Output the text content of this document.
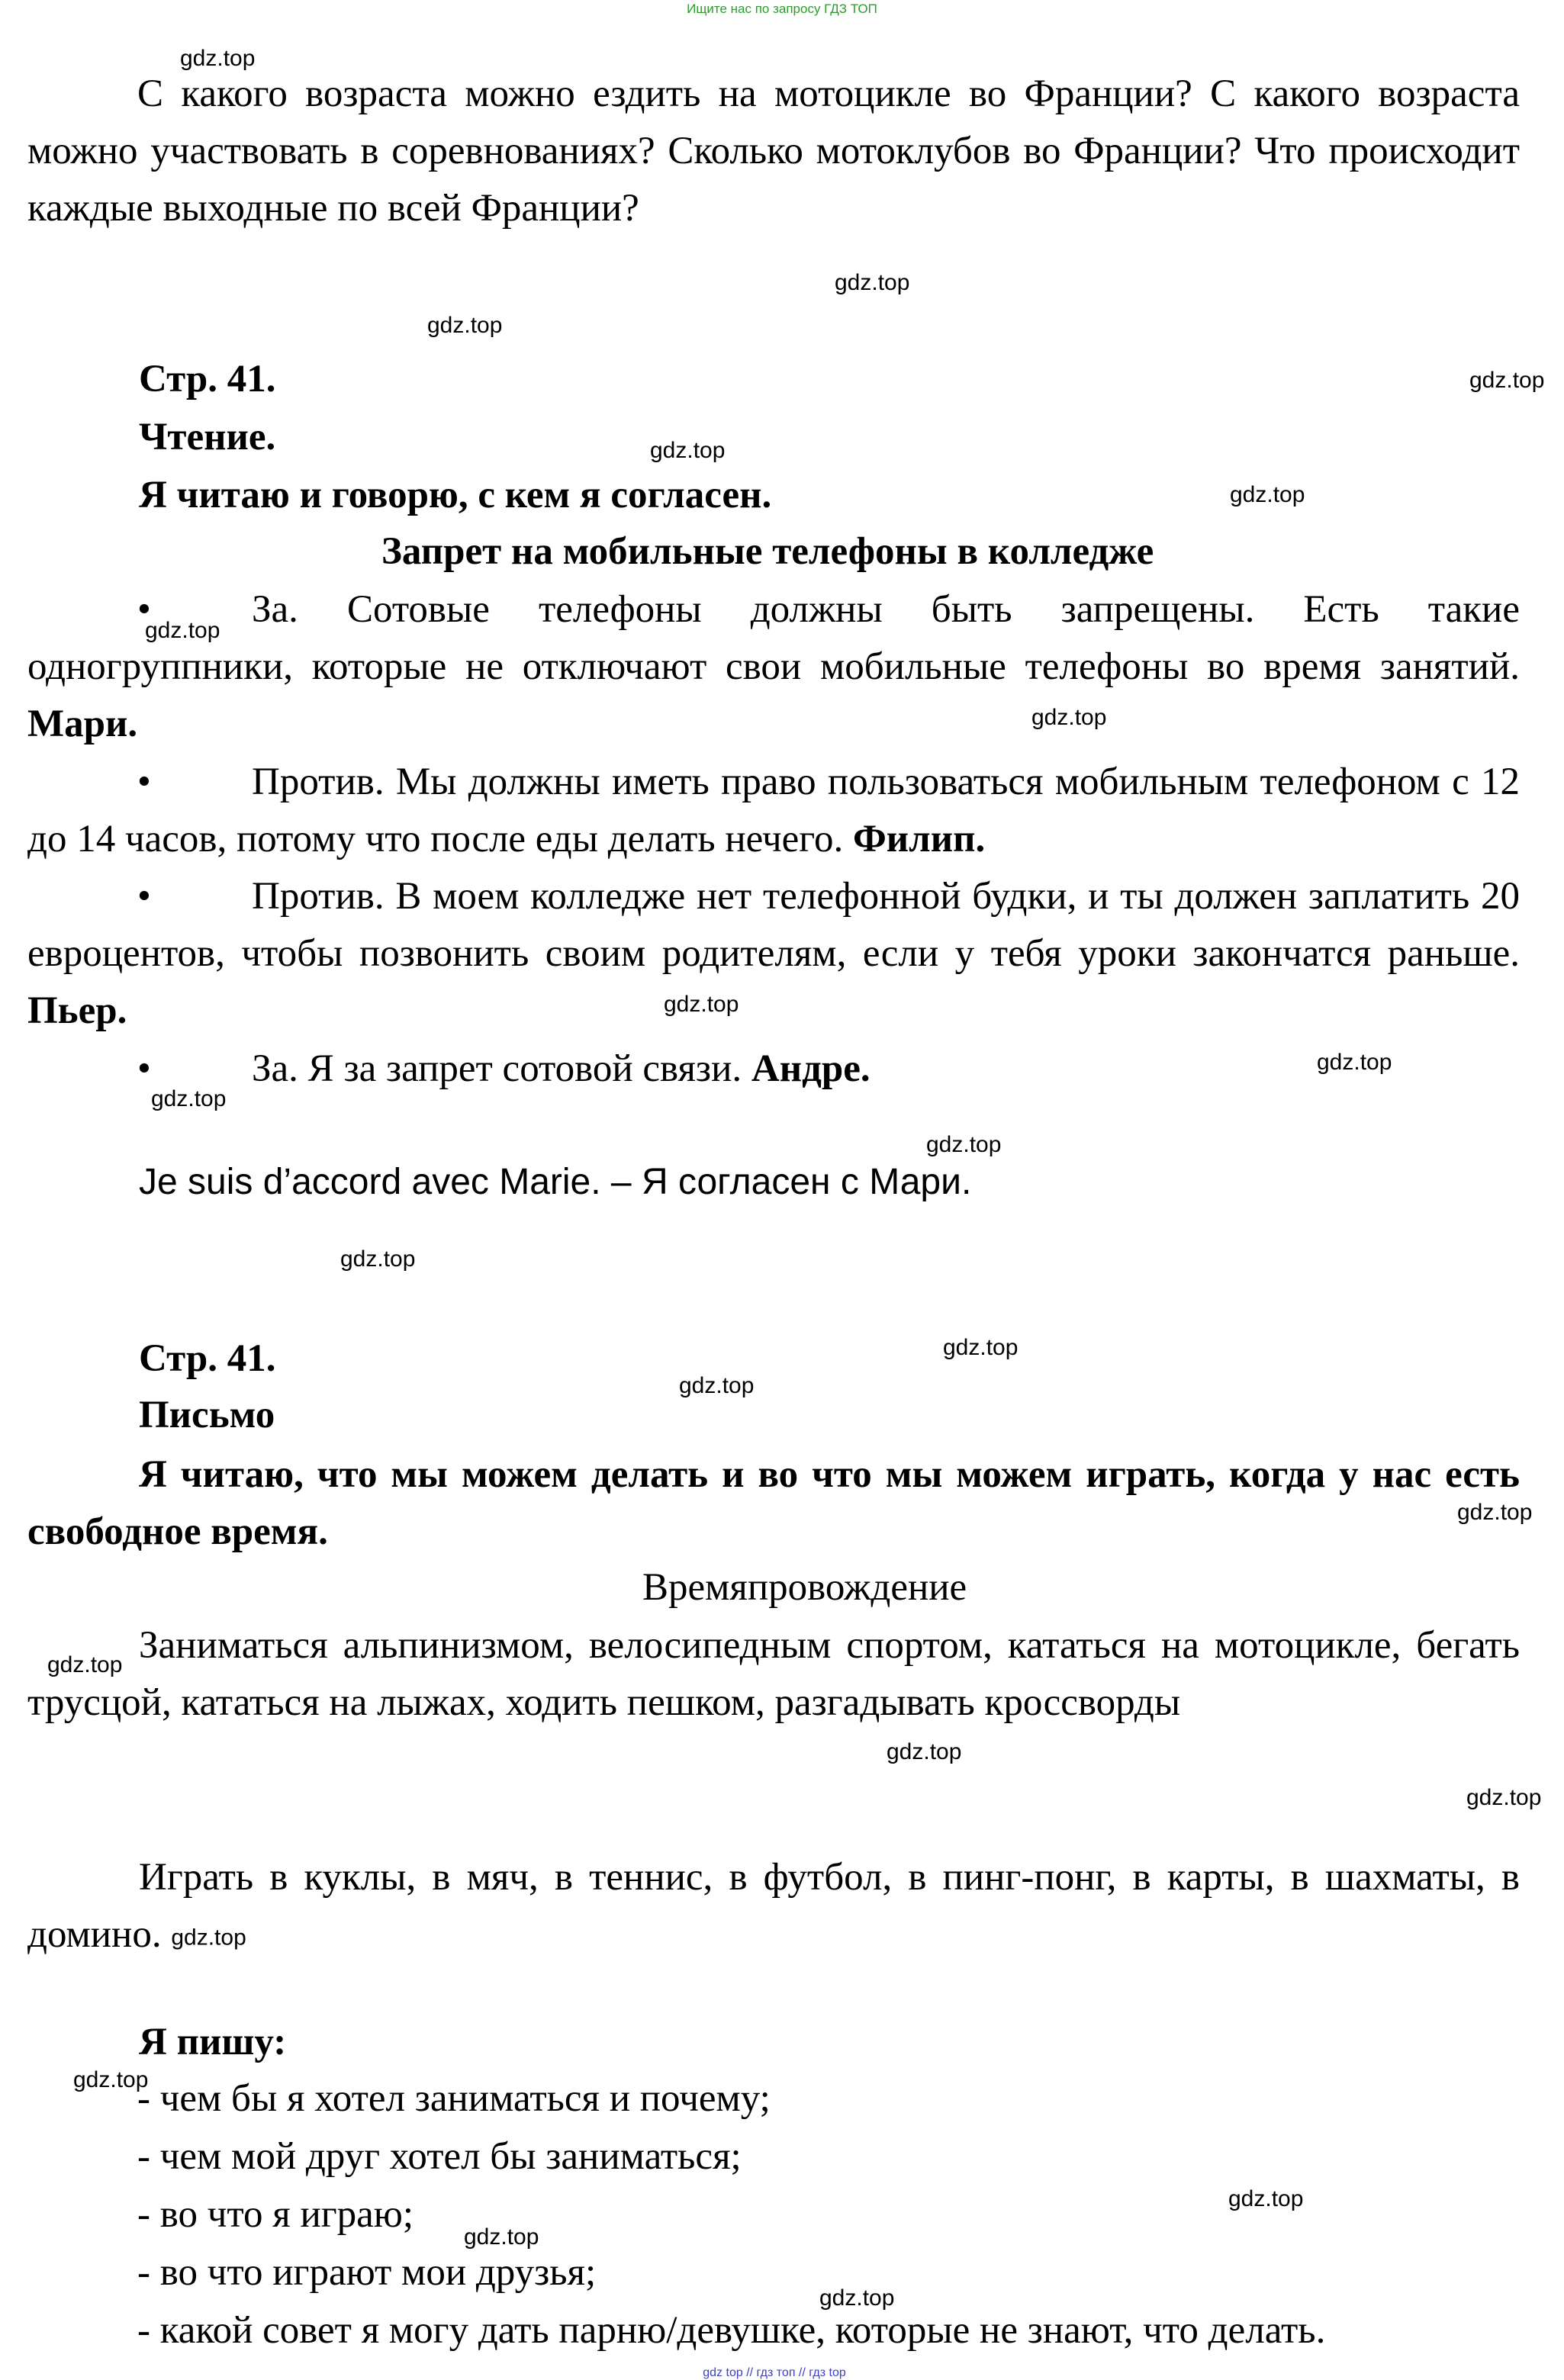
Ищите нас по запросу ГДЗ ТОП
С какого возраста можно ездить на мотоцикле во Франции? С какого возраста можно участвовать в соревнованиях? Сколько мотоклубов во Франции? Что происходит каждые выходные по всей Франции?
Стр. 41.
Чтение.
Я читаю и говорю, с кем я согласен.
Запрет на мобильные телефоны в колледже
•	За. Сотовые телефоны должны быть запрещены. Есть такие одногруппники, которые не отключают свои мобильные телефоны во время занятий. Мари.
•	Против. Мы должны иметь право пользоваться мобильным телефоном с 12 до 14 часов, потому что после еды делать нечего. Филип.
•	Против. В моем колледже нет телефонной будки, и ты должен заплатить 20 евроцентов, чтобы позвонить своим родителям, если у тебя уроки закончатся раньше. Пьер.
•	За. Я за запрет сотовой связи. Андре.
Je suis d’accord avec Marie. – Я согласен с Мари.
Стр. 41.
Письмо
Я читаю, что мы можем делать и во что мы можем играть, когда у нас есть свободное время.
Времяпровождение
Заниматься альпинизмом, велосипедным спортом, кататься на мотоцикле, бегать трусцой, кататься на лыжах, ходить пешком, разгадывать кроссворды
Играть в куклы, в мяч, в теннис, в футбол, в пинг-понг, в карты, в шахматы, в домино. gdz.top
Я пишу:
- чем бы я хотел заниматься и почему;
- чем мой друг хотел бы заниматься;
- во что я играю;
- во что играют мои друзья;
- какой совет я могу дать парню/девушке, которые не знают, что делать.
gdz.top
gdz.top
gdz.top
gdz.top
gdz.top
gdz.top
gdz.top
gdz.top
gdz.top
gdz.top
gdz.top
gdz.top
gdz.top
gdz.top
gdz.top
gdz.top
gdz.top
gdz.top
gdz.top
gdz.top
gdz.top
gdz.top
gdz.top
gdz top // гдз топ // гдз top
